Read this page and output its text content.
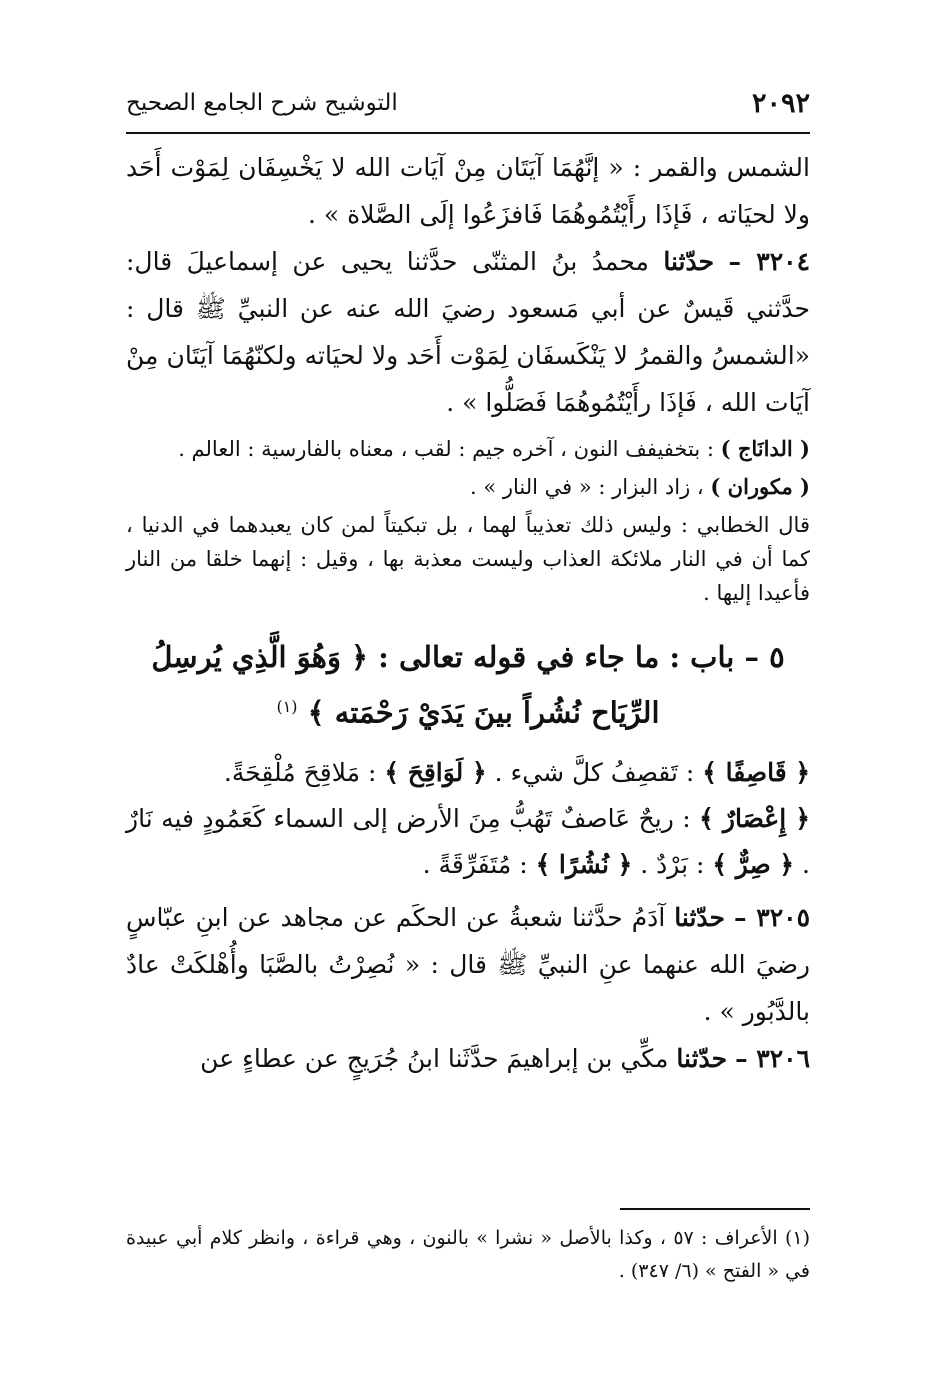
٢٠٩٢
التوشيح شرح الجامع الصحيح

الشمس والقمر : « إنَّهُمَا آيَتَان مِنْ آيَات الله لا يَخْسِفَان لِمَوْت أَحَد ولا لحيَاته ، فَإذَا رأَيْتُمُوهُمَا فَافزَعُوا إلَى الصَّلاة » .

٣٢٠٤ – حدّثنا محمدُ بنُ المثنّى حدَّثنا يحيى عن إسماعيلَ قال: حدَّثني قَيسٌ عن أبي مَسعود رضيَ الله عنه عن النبيِّ ﷺ قال : «الشمسُ والقمرُ لا يَنْكَسفَان لِمَوْت أَحَد ولا لحيَاته ولكنّهُمَا آيَتَان مِنْ آيَات الله ، فَإذَا رأَيْتُمُوهُمَا فَصَلُّوا » .

( الدانَاج ) : بتخفيفف النون ، آخره جيم : لقب ، معناه بالفارسية : العالم .

( مكوران ) ، زاد البزار : « في النار » .

قال الخطابي : وليس ذلك تعذيباً لهما ، بل تبكيتاً لمن كان يعبدهما في الدنيا ، كما أن في النار ملائكة العذاب وليست معذبة بها ، وقيل : إنهما خلقا من النار فأعيدا إليها .

٥ – باب : ما جاء في قوله تعالى : ﴿ وَهُوَ الَّذِي يُرسِلُ
الرِّيَاح نُشُراً بينَ يَدَيْ رَحْمَته ﴾ $^{(١)}$

﴿ قَاصِفًا ﴾ : تَقصِفُ كلَّ شيء . ﴿ لَوَاقِحَ ﴾ : مَلاقِحَ مُلْقِحَةً.

﴿ إِعْصَارٌ ﴾ : ريحٌ عَاصفٌ تَهُبُّ مِنَ الأرض إلى السماء كَعَمُودٍ فيه نَارٌ . ﴿ صِرٌّ ﴾ : بَرْدٌ . ﴿ نُشُرًا ﴾ : مُتَفَرِّقَةً .

٣٢٠٥ – حدّثنا آدَمُ حدَّثنا شعبةُ عن الحكَم عن مجاهد عن ابنِ عبّاسٍ رضيَ الله عنهما عنِ النبيِّ ﷺ قال : « نُصِرْتُ بالصَّبَا وأُهْلكَتْ عادٌ بالدَّبُور » .

٣٢٠٦ – حدّثنا مكِّي بن إبراهيمَ حدَّثَنا ابنُ جُرَيجٍ عن عطاءٍ عن

(١) الأعراف : ٥٧ ، وكذا بالأصل « نشرا » بالنون ، وهي قراءة ، وانظر كلام أبي عبيدة في « الفتح » (٦/ ٣٤٧) .
